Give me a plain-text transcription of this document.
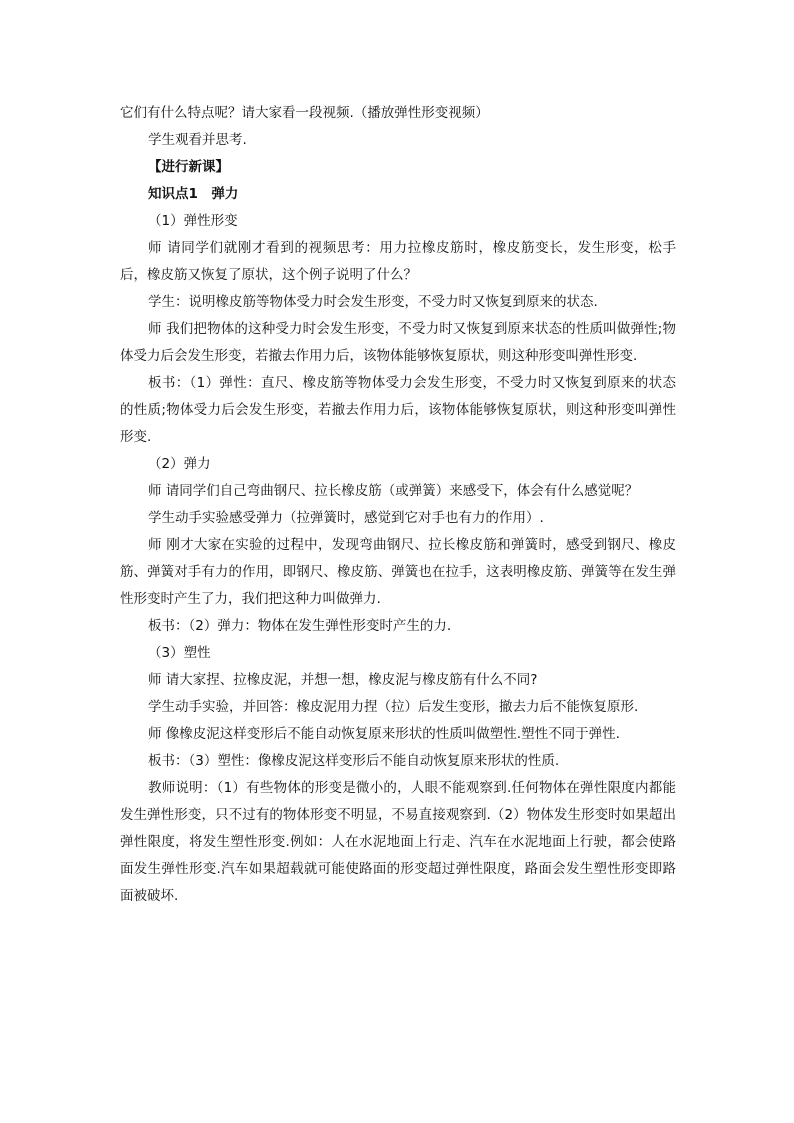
它们有什么特点呢？请大家看一段视频.（播放弹性形变视频）

学生观看并思考.

【进行新课】

知识点1　弹力

（1）弹性形变

师 请同学们就刚才看到的视频思考：用力拉橡皮筋时，橡皮筋变长，发生形变，松手后，橡皮筋又恢复了原状，这个例子说明了什么？

学生：说明橡皮筋等物体受力时会发生形变，不受力时又恢复到原来的状态.

师 我们把物体的这种受力时会发生形变，不受力时又恢复到原来状态的性质叫做弹性;物体受力后会发生形变，若撤去作用力后，该物体能够恢复原状，则这种形变叫弹性形变.

板书：（1）弹性：直尺、橡皮筋等物体受力会发生形变，不受力时又恢复到原来的状态的性质;物体受力后会发生形变，若撤去作用力后，该物体能够恢复原状，则这种形变叫弹性形变.

（2）弹力

师 请同学们自己弯曲钢尺、拉长橡皮筋（或弹簧）来感受下，体会有什么感觉呢？

学生动手实验感受弹力（拉弹簧时，感觉到它对手也有力的作用）.

师 刚才大家在实验的过程中，发现弯曲钢尺、拉长橡皮筋和弹簧时，感受到钢尺、橡皮筋、弹簧对手有力的作用，即钢尺、橡皮筋、弹簧也在拉手，这表明橡皮筋、弹簧等在发生弹性形变时产生了力，我们把这种力叫做弹力.

板书：（2）弹力：物体在发生弹性形变时产生的力.

（3）塑性

师 请大家捏、拉橡皮泥，并想一想，橡皮泥与橡皮筋有什么不同?

学生动手实验，并回答：橡皮泥用力捏（拉）后发生变形，撤去力后不能恢复原形.

师 像橡皮泥这样变形后不能自动恢复原来形状的性质叫做塑性.塑性不同于弹性.

板书：（3）塑性：像橡皮泥这样变形后不能自动恢复原来形状的性质.

教师说明：（1）有些物体的形变是微小的，人眼不能观察到.任何物体在弹性限度内都能发生弹性形变，只不过有的物体形变不明显，不易直接观察到.（2）物体发生形变时如果超出弹性限度，将发生塑性形变.例如：人在水泥地面上行走、汽车在水泥地面上行驶，都会使路面发生弹性形变.汽车如果超载就可能使路面的形变超过弹性限度，路面会发生塑性形变即路面被破坏.
